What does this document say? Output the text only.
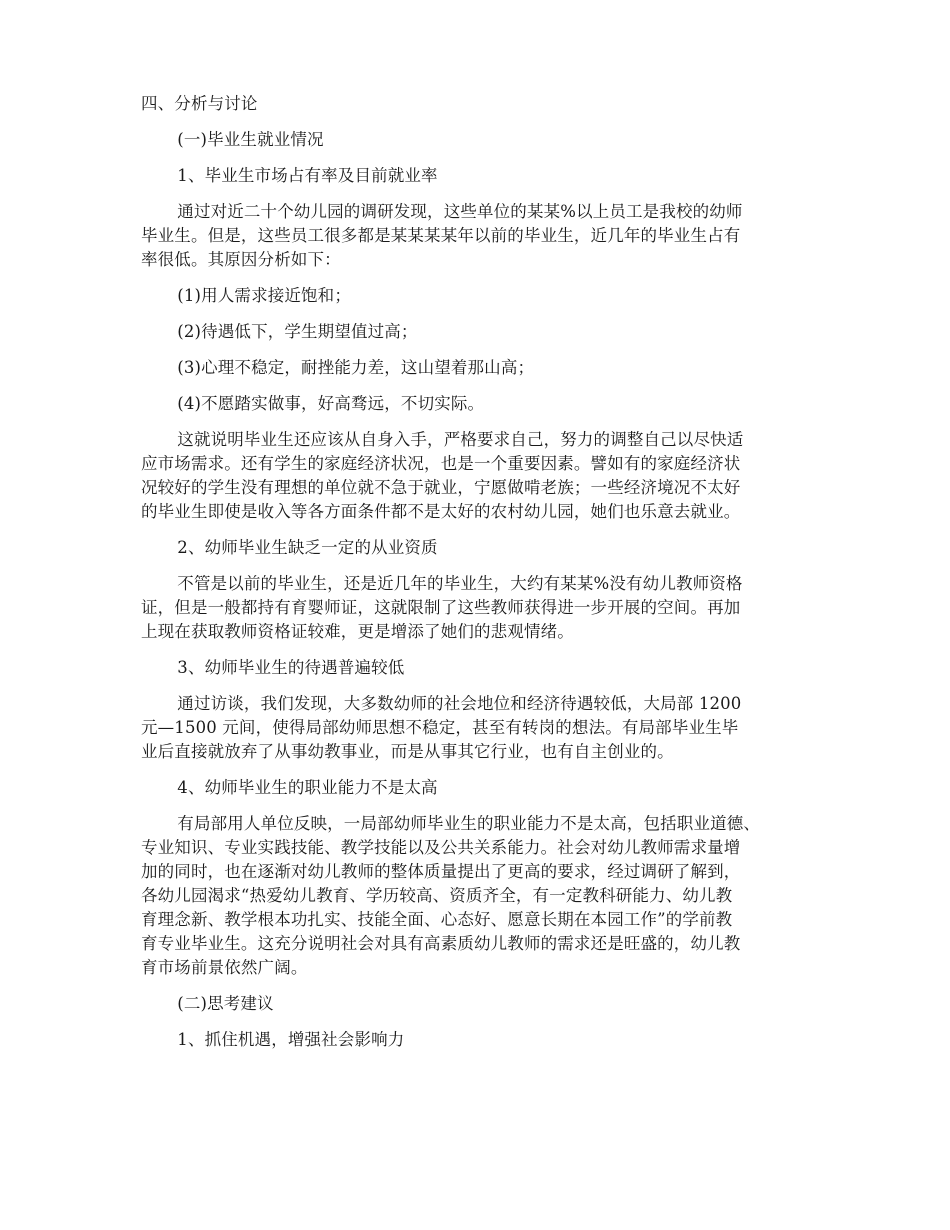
四、分析与讨论

(一)毕业生就业情况

1、毕业生市场占有率及目前就业率

通过对近二十个幼儿园的调研发现，这些单位的某某%以上员工是我校的幼师
毕业生。但是，这些员工很多都是某某某某年以前的毕业生，近几年的毕业生占有
率很低。其原因分析如下：

(1)用人需求接近饱和；

(2)待遇低下，学生期望值过高；

(3)心理不稳定，耐挫能力差，这山望着那山高；

(4)不愿踏实做事，好高骛远，不切实际。

这就说明毕业生还应该从自身入手，严格要求自己，努力的调整自己以尽快适
应市场需求。还有学生的家庭经济状况，也是一个重要因素。譬如有的家庭经济状
况较好的学生没有理想的单位就不急于就业，宁愿做啃老族；一些经济境况不太好
的毕业生即使是收入等各方面条件都不是太好的农村幼儿园，她们也乐意去就业。

2、幼师毕业生缺乏一定的从业资质

不管是以前的毕业生，还是近几年的毕业生，大约有某某%没有幼儿教师资格
证，但是一般都持有育婴师证，这就限制了这些教师获得进一步开展的空间。再加
上现在获取教师资格证较难，更是增添了她们的悲观情绪。

3、幼师毕业生的待遇普遍较低

通过访谈，我们发现，大多数幼师的社会地位和经济待遇较低，大局部 1200
元—1500 元间，使得局部幼师思想不稳定，甚至有转岗的想法。有局部毕业生毕
业后直接就放弃了从事幼教事业，而是从事其它行业，也有自主创业的。

4、幼师毕业生的职业能力不是太高

有局部用人单位反映，一局部幼师毕业生的职业能力不是太高，包括职业道德、
专业知识、专业实践技能、教学技能以及公共关系能力。社会对幼儿教师需求量增
加的同时，也在逐渐对幼儿教师的整体质量提出了更高的要求，经过调研了解到，
各幼儿园渴求“热爱幼儿教育、学历较高、资质齐全，有一定教科研能力、幼儿教
育理念新、教学根本功扎实、技能全面、心态好、愿意长期在本园工作”的学前教
育专业毕业生。这充分说明社会对具有高素质幼儿教师的需求还是旺盛的，幼儿教
育市场前景依然广阔。

(二)思考建议

1、抓住机遇，增强社会影响力
